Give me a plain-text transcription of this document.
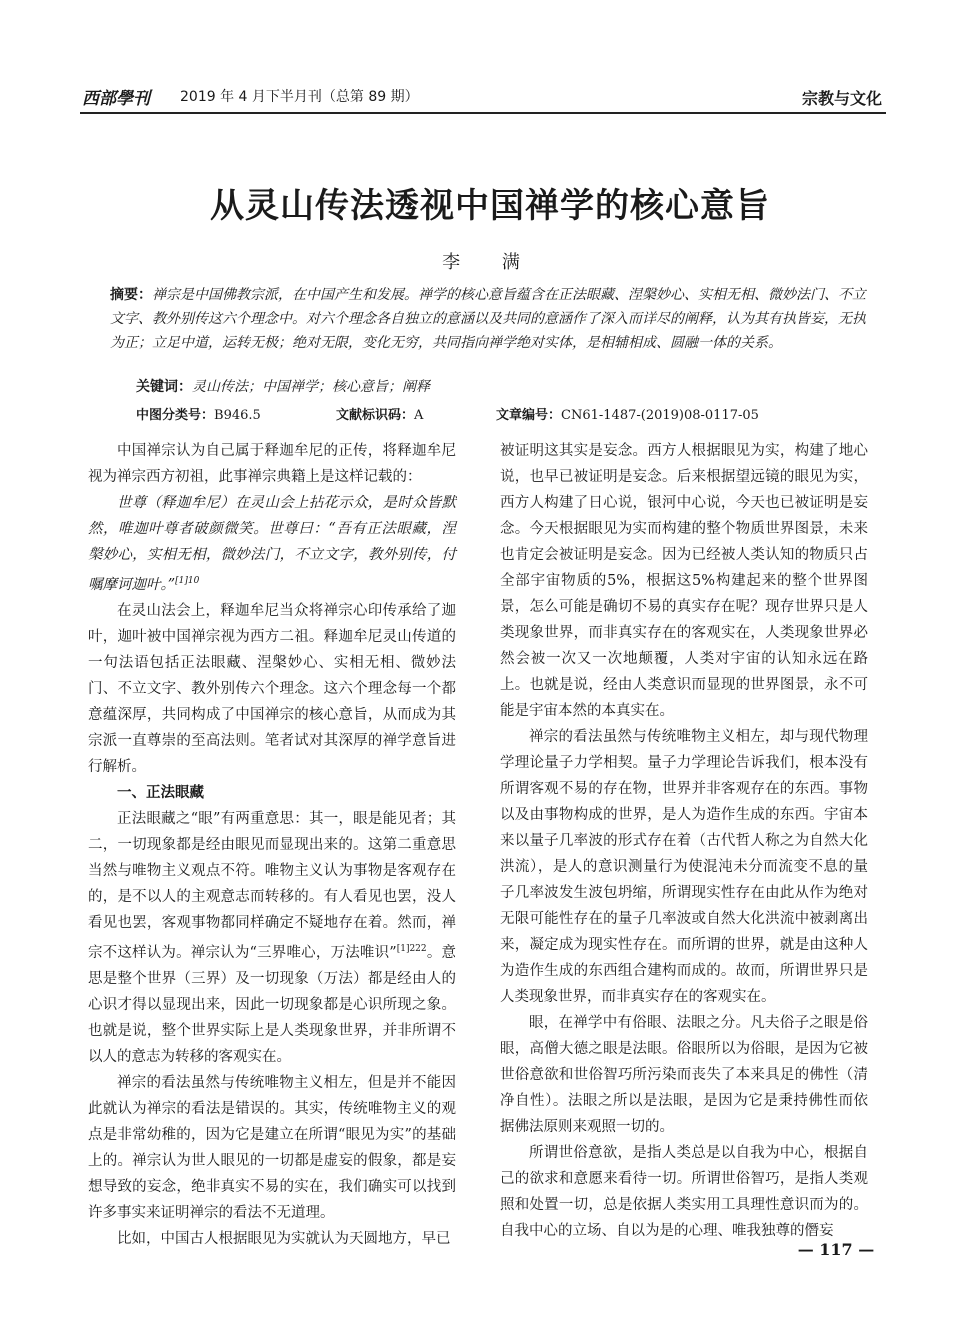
西部學刊 2019 年 4 月下半月刊（总第 89 期）	宗教与文化
从灵山传法透视中国禅学的核心意旨
李 满
摘要：禅宗是中国佛教宗派，在中国产生和发展。禅学的核心意旨蕴含在正法眼藏、涅槃妙心、实相无相、微妙法门、不立文字、教外别传这六个理念中。对六个理念各自独立的意涵以及共同的意涵作了深入而详尽的阐释，认为其有执皆妄，无执为正；立足中道，运转无极；绝对无限，变化无穷，共同指向禅学绝对实体，是相辅相成、圆融一体的关系。
关键词：灵山传法；中国禅学；核心意旨；阐释
中图分类号：B946.5	文献标识码：A	文章编号：CN61-1487-(2019)08-0117-05

中国禅宗认为自己属于释迦牟尼的正传，将释迦牟尼视为禅宗西方初祖，此事禅宗典籍上是这样记载的：

世尊（释迦牟尼）在灵山会上拈花示众，是时众皆默然，唯迦叶尊者破颜微笑。世尊曰：“吾有正法眼藏，涅槃妙心，实相无相，微妙法门，不立文字，教外别传，付嘱摩诃迦叶。”$^{[1]10}$

在灵山法会上，释迦牟尼当众将禅宗心印传承给了迦叶，迦叶被中国禅宗视为西方二祖。释迦牟尼灵山传道的一句法语包括正法眼藏、涅槃妙心、实相无相、微妙法门、不立文字、教外别传六个理念。这六个理念每一个都意蕴深厚，共同构成了中国禅宗的核心意旨，从而成为其宗派一直尊崇的至高法则。笔者试对其深厚的禅学意旨进行解析。

一、正法眼藏

正法眼藏之“眼”有两重意思：其一，眼是能见者；其二，一切现象都是经由眼见而显现出来的。这第二重意思当然与唯物主义观点不符。唯物主义认为事物是客观存在的，是不以人的主观意志而转移的。有人看见也罢，没人看见也罢，客观事物都同样确定不疑地存在着。然而，禅宗不这样认为。禅宗认为“三界唯心，万法唯识”$^{[1]222}$。意思是整个世界（三界）及一切现象（万法）都是经由人的心识才得以显现出来，因此一切现象都是心识所现之象。也就是说，整个世界实际上是人类现象世界，并非所谓不以人的意志为转移的客观实在。

禅宗的看法虽然与传统唯物主义相左，但是并不能因此就认为禅宗的看法是错误的。其实，传统唯物主义的观点是非常幼稚的，因为它是建立在所谓“眼见为实”的基础上的。禅宗认为世人眼见的一切都是虚妄的假象，都是妄想导致的妄念，绝非真实不易的实在，我们确实可以找到许多事实来证明禅宗的看法不无道理。

比如，中国古人根据眼见为实就认为天圆地方，早已

被证明这其实是妄念。西方人根据眼见为实，构建了地心说，也早已被证明是妄念。后来根据望远镜的眼见为实，西方人构建了日心说，银河中心说，今天也已被证明是妄念。今天根据眼见为实而构建的整个物质世界图景，未来也肯定会被证明是妄念。因为已经被人类认知的物质只占全部宇宙物质的5%，根据这5%构建起来的整个世界图景，怎么可能是确切不易的真实存在呢？现存世界只是人类现象世界，而非真实存在的客观实在，人类现象世界必然会被一次又一次地颠覆，人类对宇宙的认知永远在路上。也就是说，经由人类意识而显现的世界图景，永不可能是宇宙本然的本真实在。

禅宗的看法虽然与传统唯物主义相左，却与现代物理学理论量子力学相契。量子力学理论告诉我们，根本没有所谓客观不易的存在物，世界并非客观存在的东西。事物以及由事物构成的世界，是人为造作生成的东西。宇宙本来以量子几率波的形式存在着（古代哲人称之为自然大化洪流），是人的意识测量行为使混沌未分而流变不息的量子几率波发生波包坍缩，所谓现实性存在由此从作为绝对无限可能性存在的量子几率波或自然大化洪流中被剥离出来，凝定成为现实性存在。而所谓的世界，就是由这种人为造作生成的东西组合建构而成的。故而，所谓世界只是人类现象世界，而非真实存在的客观实在。

眼，在禅学中有俗眼、法眼之分。凡夫俗子之眼是俗眼，高僧大德之眼是法眼。俗眼所以为俗眼，是因为它被世俗意欲和世俗智巧所污染而丧失了本来具足的佛性（清净自性）。法眼之所以是法眼，是因为它是秉持佛性而依据佛法原则来观照一切的。

所谓世俗意欲，是指人类总是以自我为中心，根据自己的欲求和意愿来看待一切。所谓世俗智巧，是指人类观照和处置一切，总是依据人类实用工具理性意识而为的。自我中心的立场、自以为是的心理、唯我独尊的僭妄

— 117 —
